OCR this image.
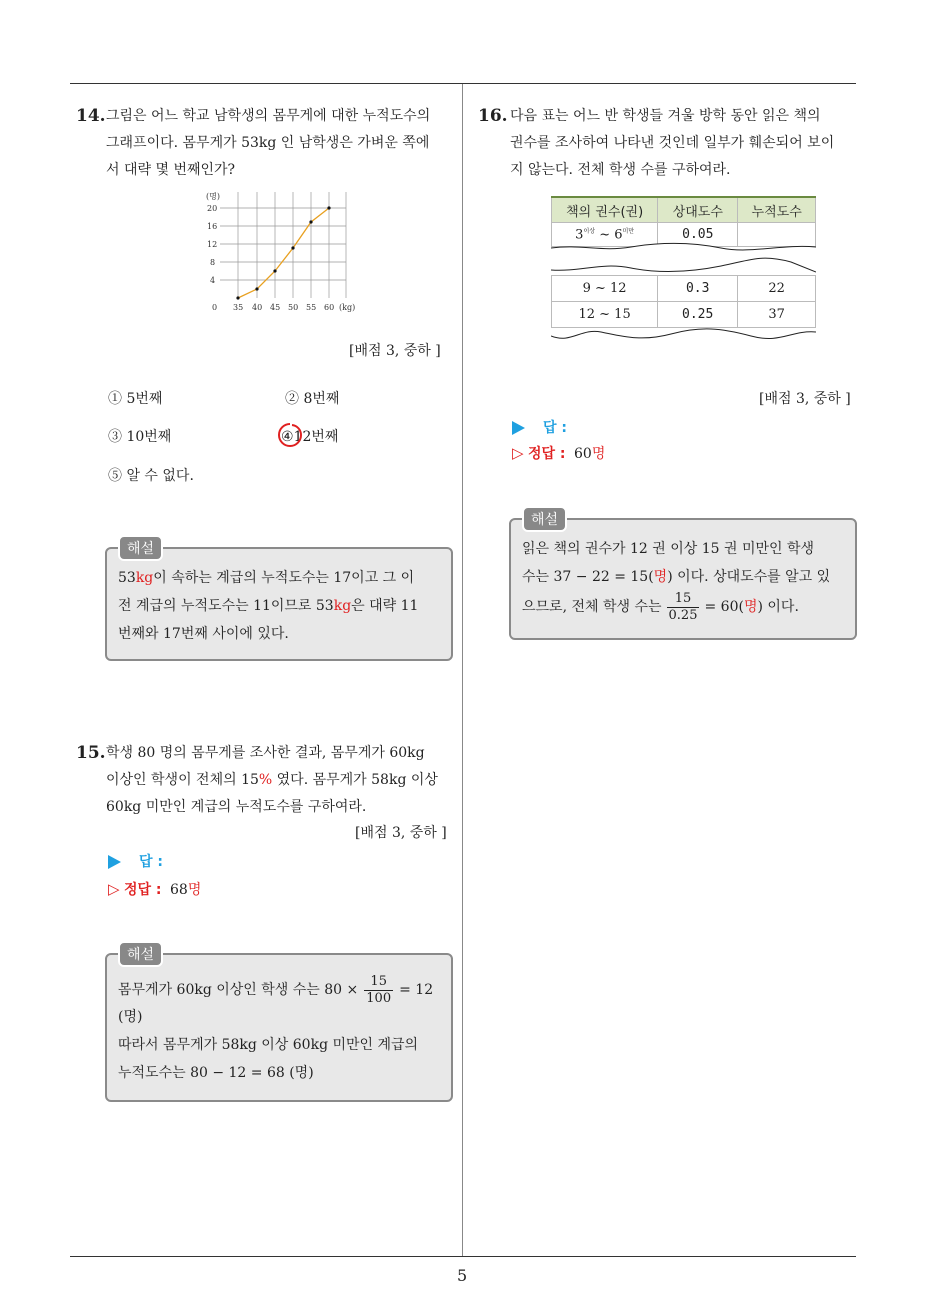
5
14. 그림은 어느 학교 남학생의 몸무게에 대한 누적도수의
그래프이다. 몸무게가 53kg 인 남학생은 가벼운 쪽에
서 대략 몇 번째인가?
(명)
20
16
12
8
4
0 35 40 45 50 55 60 (kg)
[배점 3, 중하 ]
① 5번째	② 8번째
③ 10번째	④12번째
⑤ 알 수 없다.
해설
53kg이 속하는 계급의 누적도수는 17이고 그 이
전 계급의 누적도수는 11이므로 53kg은 대략 11
번째와 17번째 사이에 있다.
15. 학생 80 명의 몸무게를 조사한 결과, 몸무게가 60kg
이상인 학생이 전체의 15% 였다. 몸무게가 58kg 이상
60kg 미만인 계급의 누적도수를 구하여라.
[배점 3, 중하 ]
답 :
▷ 정답 : 68명
해설
몸무게가 60kg 이상인 학생 수는 $80 \times \frac{15}{100} = 12$
(명)
따라서 몸무게가 58kg 이상 60kg 미만인 계급의
누적도수는 80 − 12 = 68 (명)
16. 다음 표는 어느 반 학생들 겨울 방학 동안 읽은 책의
권수를 조사하여 나타낸 것인데 일부가 훼손되어 보이
지 않는다. 전체 학생 수를 구하여라.
책의 권수(권)	상대도수	누적도수
$3^{이상}$ ~ $6^{미만}$	0.05	
9 ~ 12	0.3	22
12 ~ 15	0.25	37
[배점 3, 중하 ]
답 :
▷ 정답 : 60명
해설
읽은 책의 권수가 12 권 이상 15 권 미만인 학생
수는 37 − 22 = 15(명) 이다. 상대도수를 알고 있
으므로, 전체 학생 수는 $\frac{15}{0.25} = 60$( 명 ) 이다.
